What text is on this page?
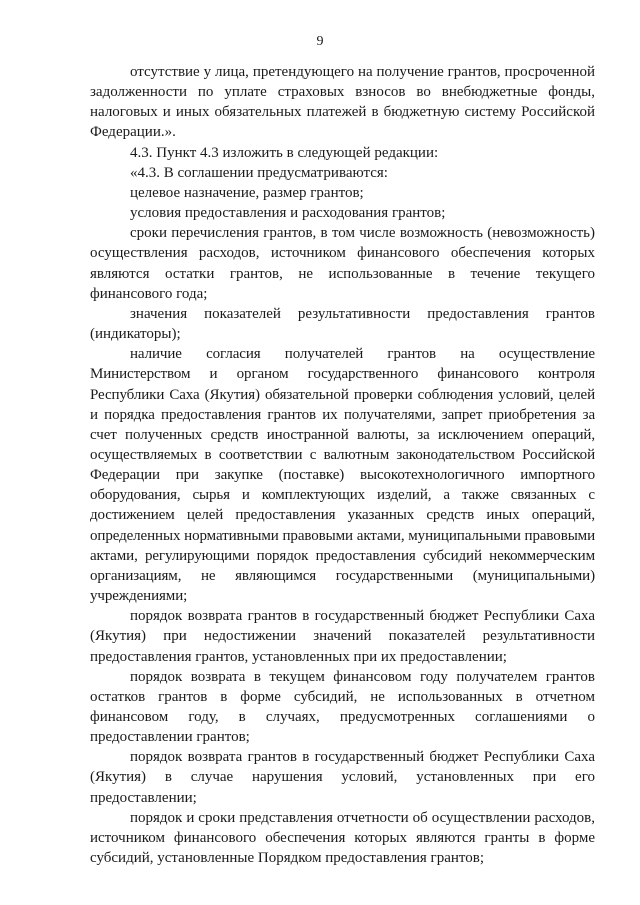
9

отсутствие у лица, претендующего на получение грантов, просроченной задолженности по уплате страховых взносов во внебюджетные фонды, налоговых и иных обязательных платежей в бюджетную систему Российской Федерации.».

4.3. Пункт 4.3 изложить в следующей редакции:

«4.3. В соглашении предусматриваются:

целевое назначение, размер грантов;

условия предоставления и расходования грантов;

сроки перечисления грантов, в том числе возможность (невозможность) осуществления расходов, источником финансового обеспечения которых являются остатки грантов, не использованные в течение текущего финансового года;

значения показателей результативности предоставления грантов (индикаторы);

наличие согласия получателей грантов на осуществление Министерством и органом государственного финансового контроля Республики Саха (Якутия) обязательной проверки соблюдения условий, целей и порядка предоставления грантов их получателями, запрет приобретения за счет полученных средств иностранной валюты, за исключением операций, осуществляемых в соответствии с валютным законодательством Российской Федерации при закупке (поставке) высокотехнологичного импортного оборудования, сырья и комплектующих изделий, а также связанных с достижением целей предоставления указанных средств иных операций, определенных нормативными правовыми актами, муниципальными правовыми актами, регулирующими порядок предоставления субсидий некоммерческим организациям, не являющимся государственными (муниципальными) учреждениями;

порядок возврата грантов в государственный бюджет Республики Саха (Якутия) при недостижении значений показателей результативности предоставления грантов, установленных при их предоставлении;

порядок возврата в текущем финансовом году получателем грантов остатков грантов в форме субсидий, не использованных в отчетном финансовом году, в случаях, предусмотренных соглашениями о предоставлении грантов;

порядок возврата грантов в государственный бюджет Республики Саха (Якутия) в случае нарушения условий, установленных при его предоставлении;

порядок и сроки представления отчетности об осуществлении расходов, источником финансового обеспечения которых являются гранты в форме субсидий, установленные Порядком предоставления грантов;
